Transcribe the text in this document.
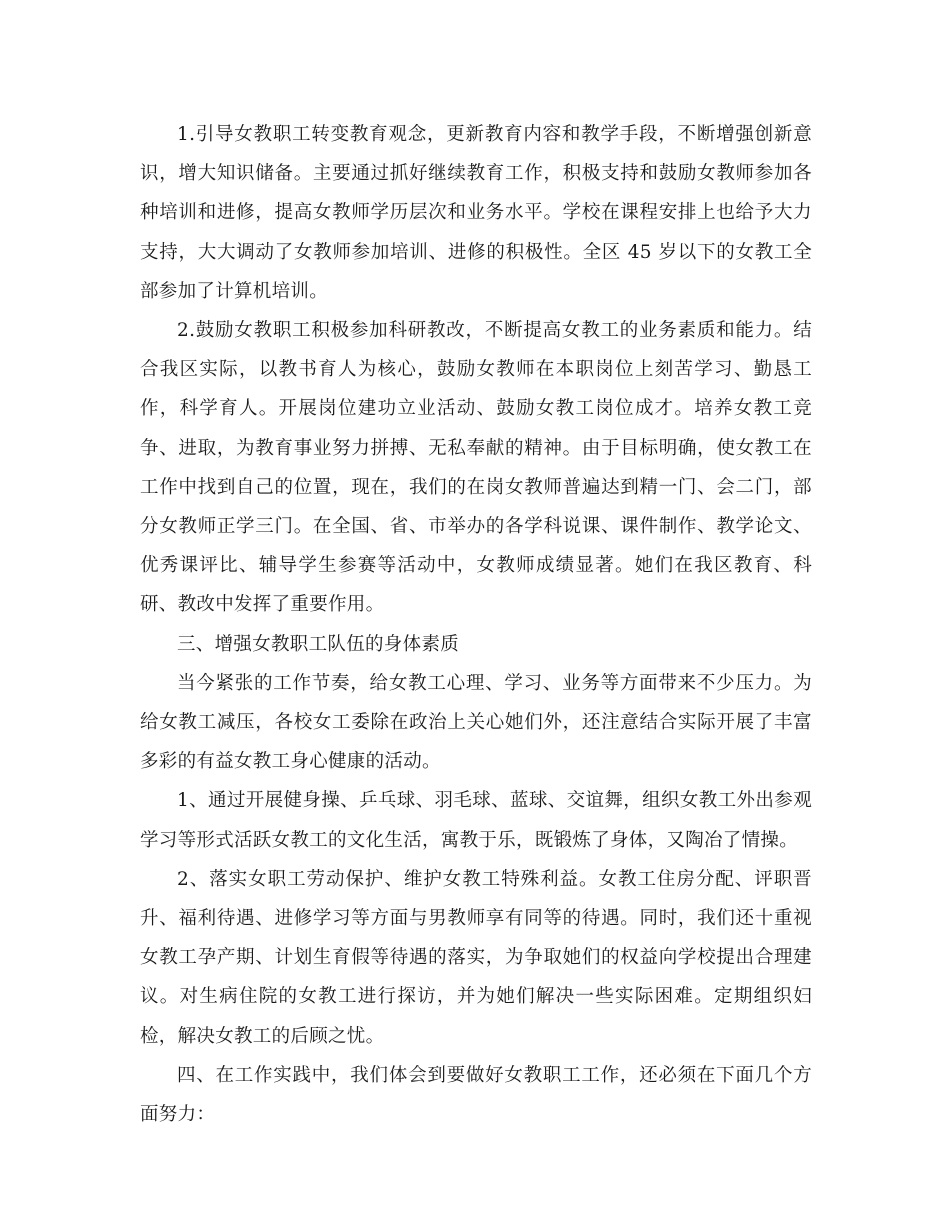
1.引导女教职工转变教育观念，更新教育内容和教学手段，不断增强创新意识，增大知识储备。主要通过抓好继续教育工作，积极支持和鼓励女教师参加各种培训和进修，提高女教师学历层次和业务水平。学校在课程安排上也给予大力支持，大大调动了女教师参加培训、进修的积极性。全区 45 岁以下的女教工全部参加了计算机培训。

2.鼓励女教职工积极参加科研教改，不断提高女教工的业务素质和能力。结合我区实际，以教书育人为核心，鼓励女教师在本职岗位上刻苦学习、勤恳工作，科学育人。开展岗位建功立业活动、鼓励女教工岗位成才。培养女教工竞争、进取，为教育事业努力拼搏、无私奉献的精神。由于目标明确，使女教工在工作中找到自己的位置，现在，我们的在岗女教师普遍达到精一门、会二门，部分女教师正学三门。在全国、省、市举办的各学科说课、课件制作、教学论文、优秀课评比、辅导学生参赛等活动中，女教师成绩显著。她们在我区教育、科研、教改中发挥了重要作用。

三、增强女教职工队伍的身体素质

当今紧张的工作节奏，给女教工心理、学习、业务等方面带来不少压力。为给女教工减压，各校女工委除在政治上关心她们外，还注意结合实际开展了丰富多彩的有益女教工身心健康的活动。

1、通过开展健身操、乒乓球、羽毛球、蓝球、交谊舞，组织女教工外出参观学习等形式活跃女教工的文化生活，寓教于乐，既锻炼了身体，又陶冶了情操。

2、落实女职工劳动保护、维护女教工特殊利益。女教工住房分配、评职晋升、福利待遇、进修学习等方面与男教师享有同等的待遇。同时，我们还十重视女教工孕产期、计划生育假等待遇的落实，为争取她们的权益向学校提出合理建议。对生病住院的女教工进行探访，并为她们解决一些实际困难。定期组织妇检，解决女教工的后顾之忧。

四、在工作实践中，我们体会到要做好女教职工工作，还必须在下面几个方面努力：
